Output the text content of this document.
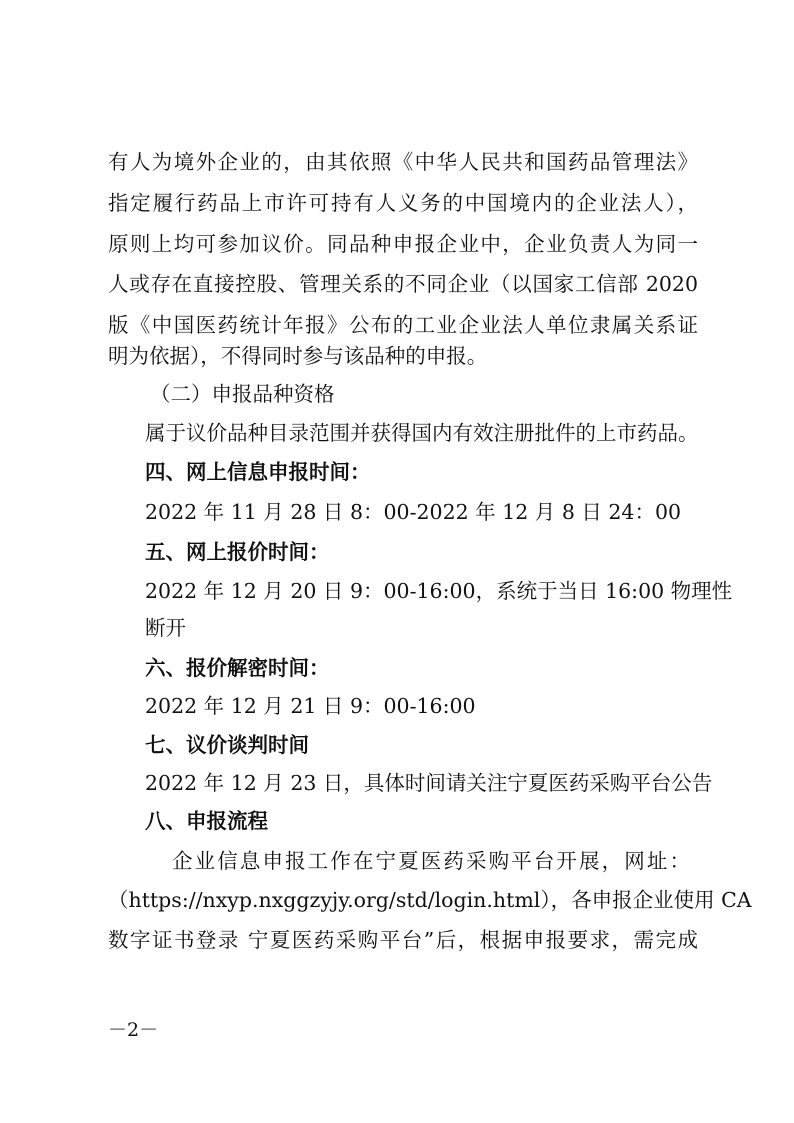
有人为境外企业的，由其依照《中华人民共和国药品管理法》
指定履行药品上市许可持有人义务的中国境内的企业法人），
原则上均可参加议价。同品种申报企业中，企业负责人为同一
人或存在直接控股、管理关系的不同企业（以国家工信部 2020
版《中国医药统计年报》公布的工业企业法人单位隶属关系证
明为依据），不得同时参与该品种的申报。
（二）申报品种资格
属于议价品种目录范围并获得国内有效注册批件的上市药品。
四、网上信息申报时间：
2022 年 11 月 28 日 8：00-2022 年 12 月 8 日 24：00
五、网上报价时间：
2022 年 12 月 20 日 9：00-16:00，系统于当日 16:00 物理性
断开
六、报价解密时间：
2022 年 12 月 21 日 9：00-16:00
七、议价谈判时间
2022 年 12 月 23 日，具体时间请关注宁夏医药采购平台公告
八、申报流程
企业信息申报工作在宁夏医药采购平台开展，网址：
（https://nxyp.nxggzyjy.org/std/login.html），各申报企业使用 CA
数字证书登录 宁夏医药采购平台”后，根据申报要求，需完成
－2－
